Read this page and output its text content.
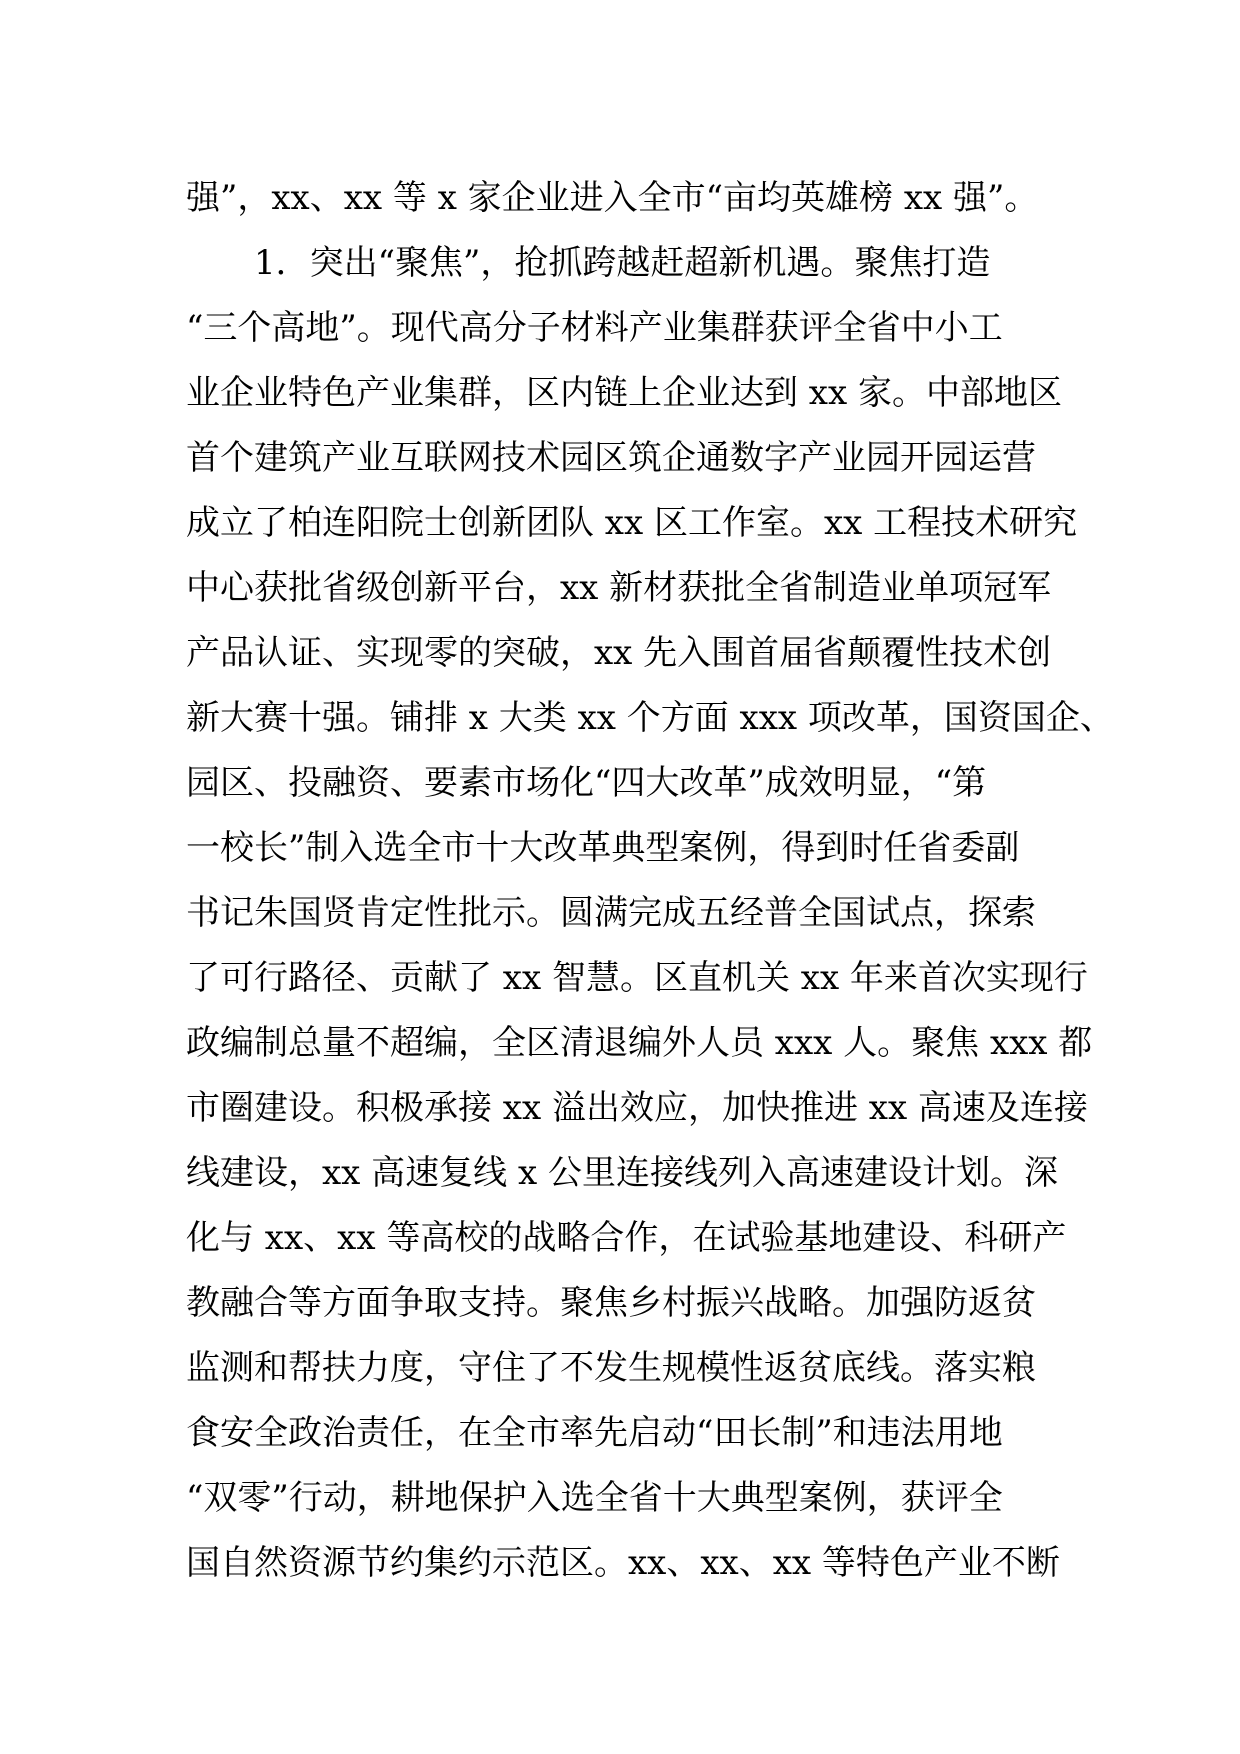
强”，xx、xx 等 x 家企业进入全市“亩均英雄榜 xx 强”。
　　1．突出“聚焦”，抢抓跨越赶超新机遇。聚焦打造
“三个高地”。现代高分子材料产业集群获评全省中小工
业企业特色产业集群，区内链上企业达到 xx 家。中部地区
首个建筑产业互联网技术园区筑企通数字产业园开园运营
成立了柏连阳院士创新团队 xx 区工作室。xx 工程技术研究
中心获批省级创新平台，xx 新材获批全省制造业单项冠军
产品认证、实现零的突破，xx 先入围首届省颠覆性技术创
新大赛十强。铺排 x 大类 xx 个方面 xxx 项改革，国资国企、
园区、投融资、要素市场化“四大改革”成效明显，“第
一校长”制入选全市十大改革典型案例，得到时任省委副
书记朱国贤肯定性批示。圆满完成五经普全国试点，探索
了可行路径、贡献了 xx 智慧。区直机关 xx 年来首次实现行
政编制总量不超编，全区清退编外人员 xxx 人。聚焦 xxx 都
市圈建设。积极承接 xx 溢出效应，加快推进 xx 高速及连接
线建设，xx 高速复线 x 公里连接线列入高速建设计划。深
化与 xx、xx 等高校的战略合作，在试验基地建设、科研产
教融合等方面争取支持。聚焦乡村振兴战略。加强防返贫
监测和帮扶力度，守住了不发生规模性返贫底线。落实粮
食安全政治责任，在全市率先启动“田长制”和违法用地
“双零”行动，耕地保护入选全省十大典型案例，获评全
国自然资源节约集约示范区。xx、xx、xx 等特色产业不断
